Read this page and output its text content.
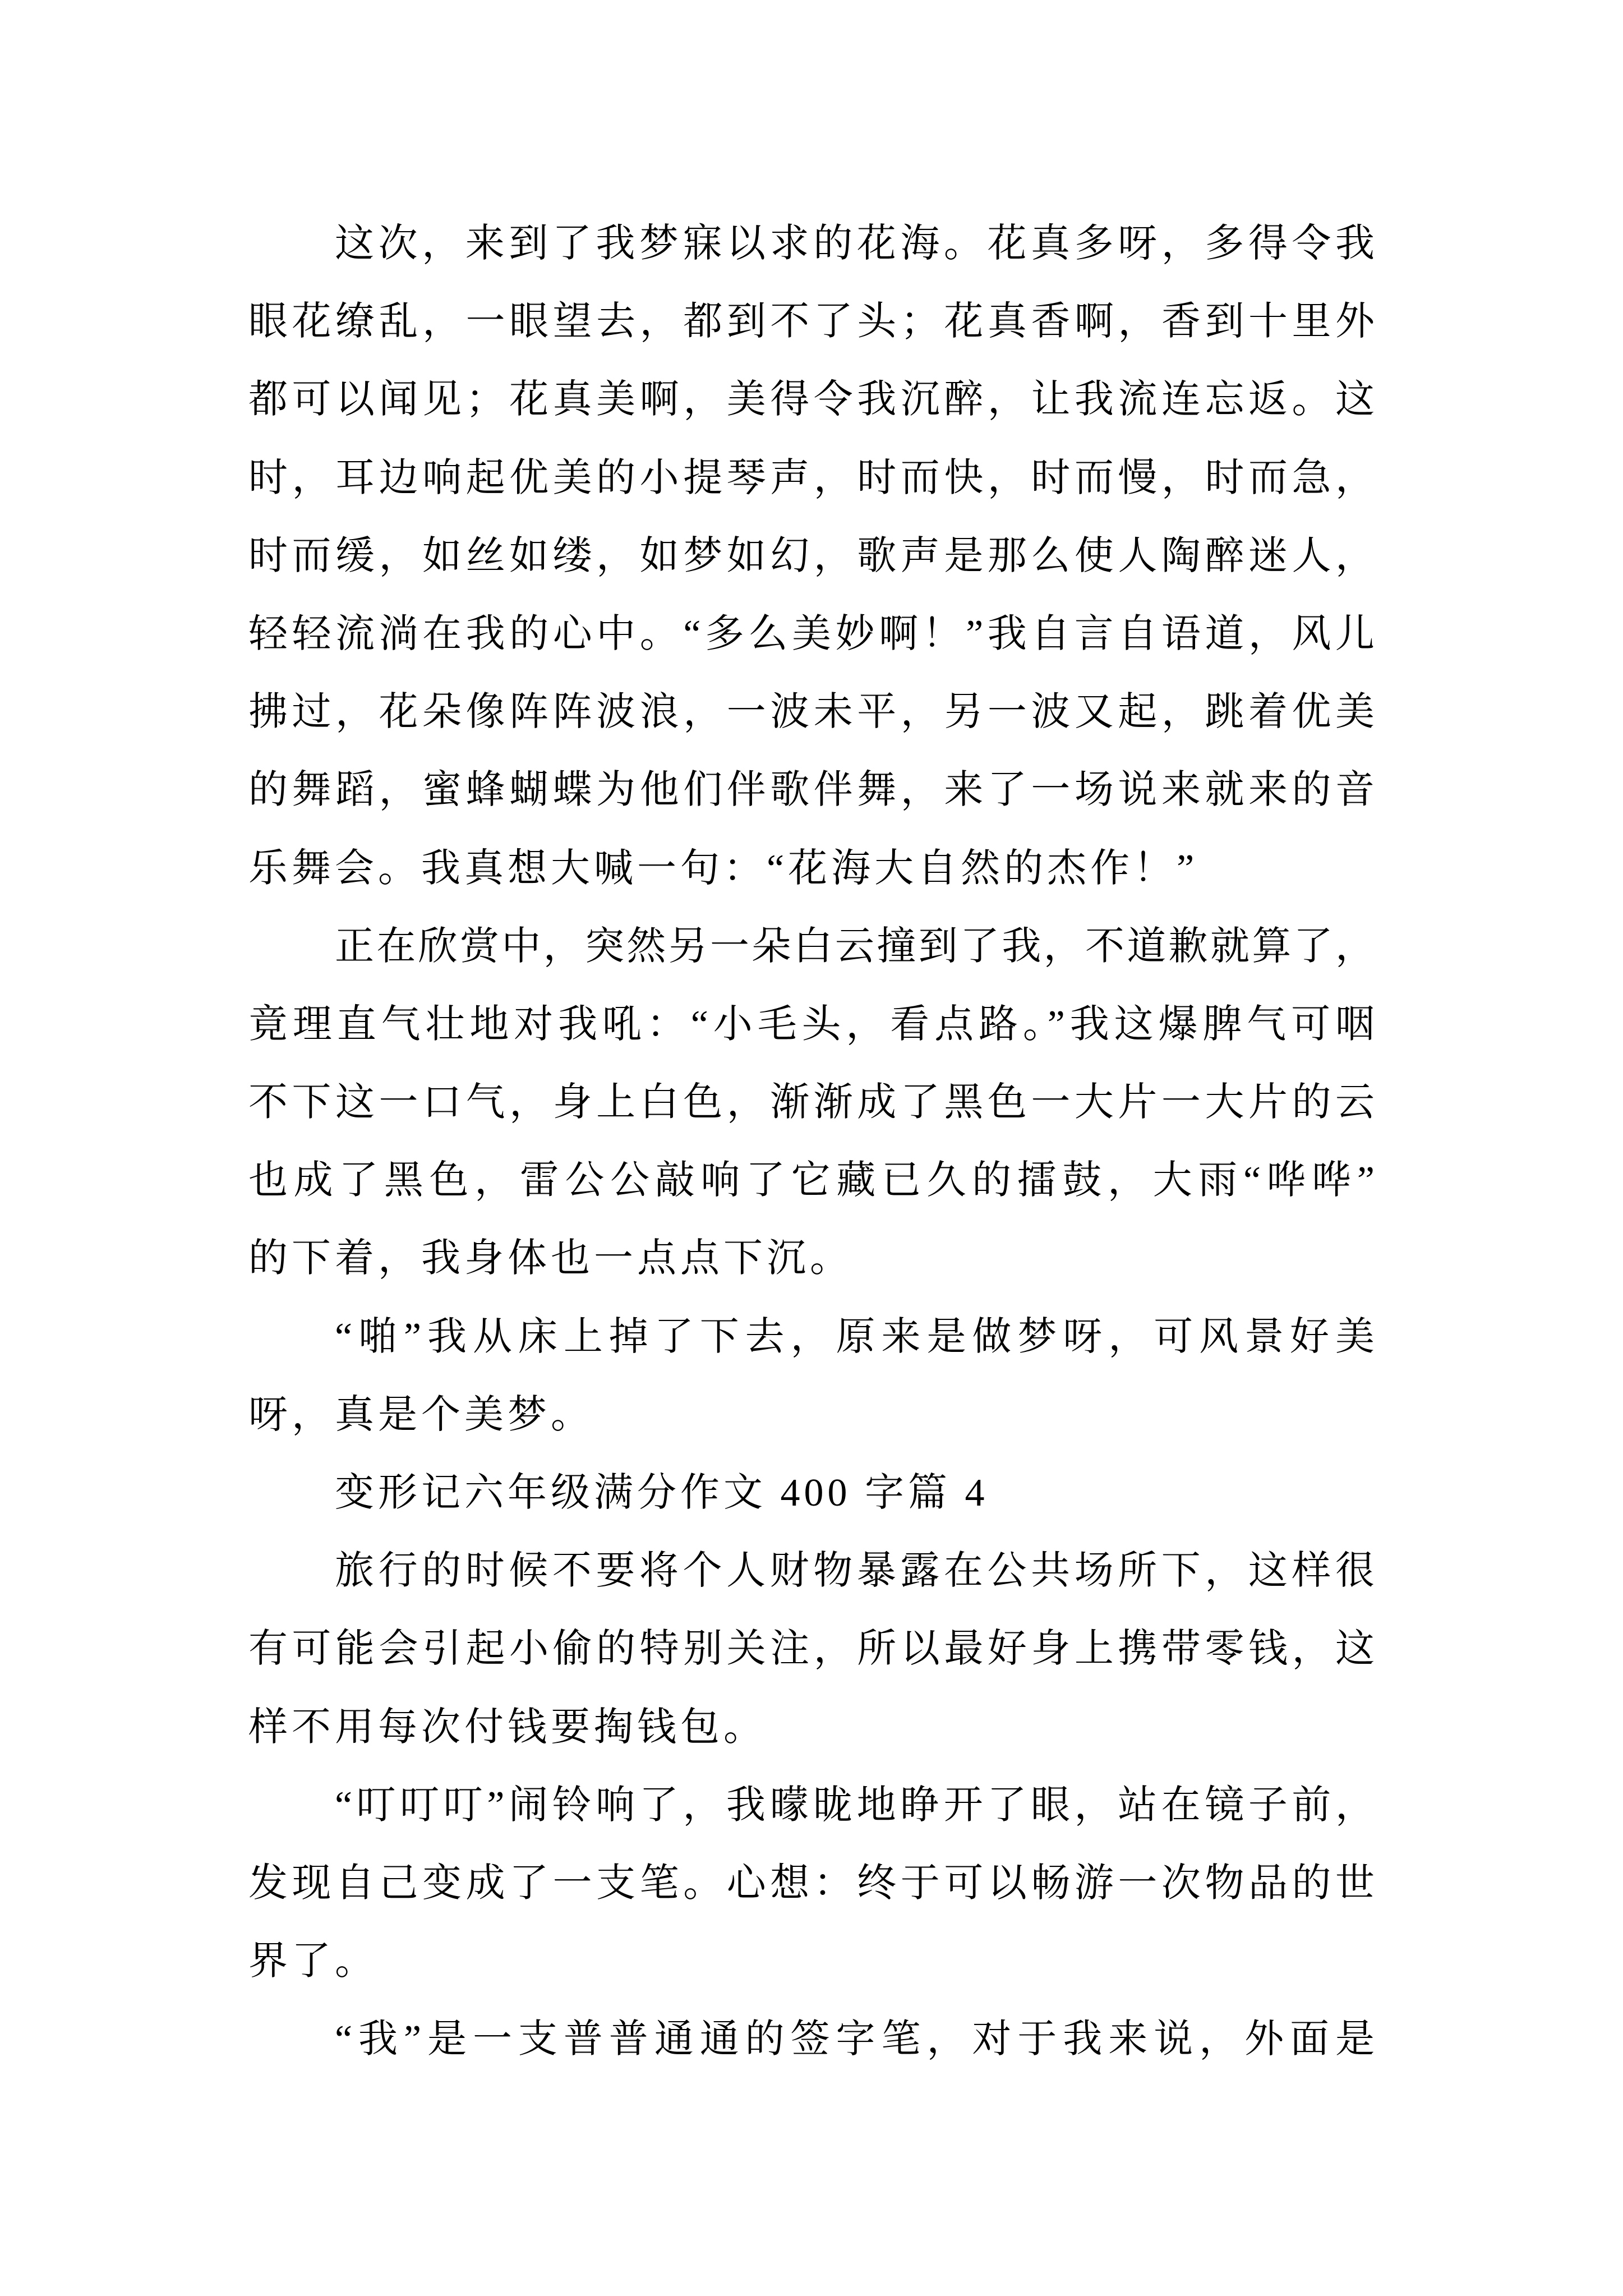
这次，来到了我梦寐以求的花海。花真多呀，多得令我
眼花缭乱，一眼望去，都到不了头；花真香啊，香到十里外
都可以闻见；花真美啊，美得令我沉醉，让我流连忘返。这
时，耳边响起优美的小提琴声，时而快，时而慢，时而急，
时而缓，如丝如缕，如梦如幻，歌声是那么使人陶醉迷人，
轻轻流淌在我的心中。“多么美妙啊！”我自言自语道，风儿
拂过，花朵像阵阵波浪，一波未平，另一波又起，跳着优美
的舞蹈，蜜蜂蝴蝶为他们伴歌伴舞，来了一场说来就来的音
乐舞会。我真想大喊一句：“花海大自然的杰作！”
正在欣赏中，突然另一朵白云撞到了我，不道歉就算了，
竟理直气壮地对我吼：“小毛头，看点路。”我这爆脾气可咽
不下这一口气，身上白色，渐渐成了黑色一大片一大片的云
也成了黑色，雷公公敲响了它藏已久的擂鼓，大雨“哗哗”
的下着，我身体也一点点下沉。
“啪”我从床上掉了下去，原来是做梦呀，可风景好美
呀，真是个美梦。
变形记六年级满分作文 400 字篇 4
旅行的时候不要将个人财物暴露在公共场所下，这样很
有可能会引起小偷的特别关注，所以最好身上携带零钱，这
样不用每次付钱要掏钱包。
“叮叮叮”闹铃响了，我曚昽地睁开了眼，站在镜子前，
发现自己变成了一支笔。心想：终于可以畅游一次物品的世
界了。
“我”是一支普普通通的签字笔，对于我来说，外面是
